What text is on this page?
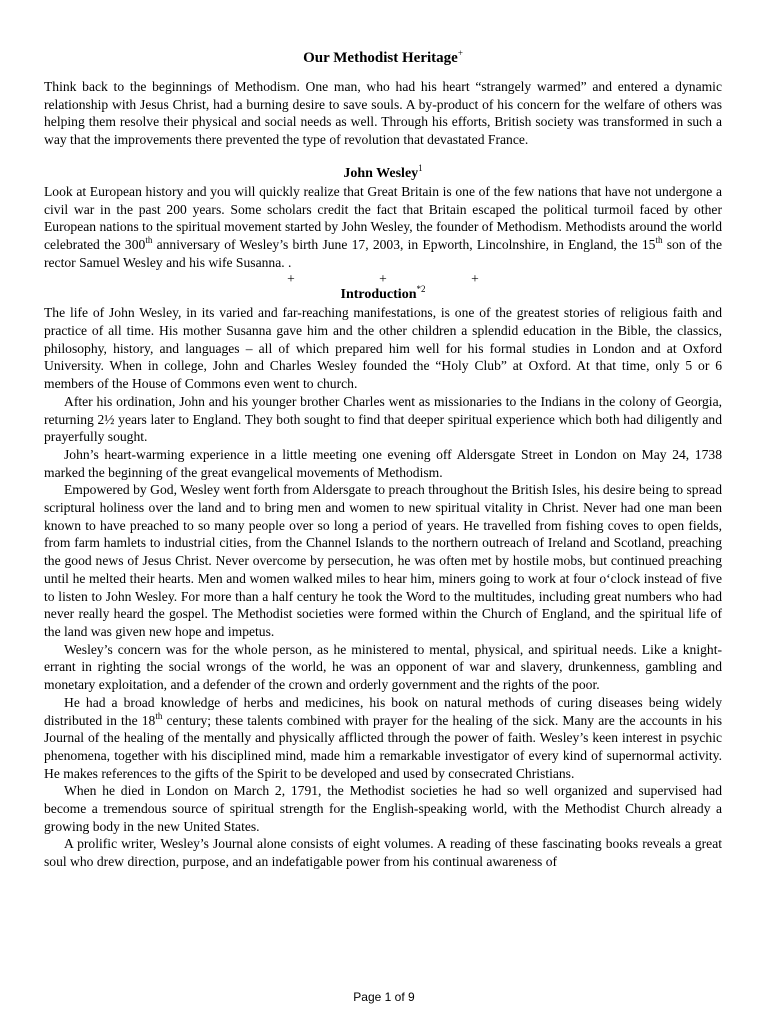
Our Methodist Heritage+

Think back to the beginnings of Methodism. One man, who had his heart “strangely warmed” and entered a dynamic relationship with Jesus Christ, had a burning desire to save souls. A by-product of his concern for the welfare of others was helping them resolve their physical and social needs as well. Through his efforts, British society was transformed in such a way that the improvements there prevented the type of revolution that devastated France.

John Wesley$^1$

Look at European history and you will quickly realize that Great Britain is one of the few nations that have not undergone a civil war in the past 200 years. Some scholars credit the fact that Britain escaped the political turmoil faced by other European nations to the spiritual movement started by John Wesley, the founder of Methodism. Methodists around the world celebrated the 300th anniversary of Wesley’s birth June 17, 2003, in Epworth, Lincolnshire, in England, the 15th son of the rector Samuel Wesley and his wife Susanna. .

+	+	+
Introduction$^{*2}$

The life of John Wesley, in its varied and far-reaching manifestations, is one of the greatest stories of religious faith and practice of all time. His mother Susanna gave him and the other children a splendid education in the Bible, the classics, philosophy, history, and languages – all of which prepared him well for his formal studies in London and at Oxford University. When in college, John and Charles Wesley founded the “Holy Club” at Oxford. At that time, only 5 or 6 members of the House of Commons even went to church.

After his ordination, John and his younger brother Charles went as missionaries to the Indians in the colony of Georgia, returning 2½ years later to England. They both sought to find that deeper spiritual experience which both had diligently and prayerfully sought.

John’s heart-warming experience in a little meeting one evening off Aldersgate Street in London on May 24, 1738 marked the beginning of the great evangelical movements of Methodism.

Empowered by God, Wesley went forth from Aldersgate to preach throughout the British Isles, his desire being to spread scriptural holiness over the land and to bring men and women to new spiritual vitality in Christ. Never had one man been known to have preached to so many people over so long a period of years. He travelled from fishing coves to open fields, from farm hamlets to industrial cities, from the Channel Islands to the northern outreach of Ireland and Scotland, preaching the good news of Jesus Christ. Never overcome by persecution, he was often met by hostile mobs, but continued preaching until he melted their hearts. Men and women walked miles to hear him, miners going to work at four o‘clock instead of five to listen to John Wesley. For more than a half century he took the Word to the multitudes, including great numbers who had never really heard the gospel. The Methodist societies were formed within the Church of England, and the spiritual life of the land was given new hope and impetus.

Wesley’s concern was for the whole person, as he ministered to mental, physical, and spiritual needs. Like a knight-errant in righting the social wrongs of the world, he was an opponent of war and slavery, drunkenness, gambling and monetary exploitation, and a defender of the crown and orderly government and the rights of the poor.

He had a broad knowledge of herbs and medicines, his book on natural methods of curing diseases being widely distributed in the 18th century; these talents combined with prayer for the healing of the sick. Many are the accounts in his Journal of the healing of the mentally and physically afflicted through the power of faith. Wesley’s keen interest in psychic phenomena, together with his disciplined mind, made him a remarkable investigator of every kind of supernormal activity. He makes references to the gifts of the Spirit to be developed and used by consecrated Christians.

When he died in London on March 2, 1791, the Methodist societies he had so well organized and supervised had become a tremendous source of spiritual strength for the English-speaking world, with the Methodist Church already a growing body in the new United States.

A prolific writer, Wesley’s Journal alone consists of eight volumes. A reading of these fascinating books reveals a great soul who drew direction, purpose, and an indefatigable power from his continual awareness of

Page 1 of 9
